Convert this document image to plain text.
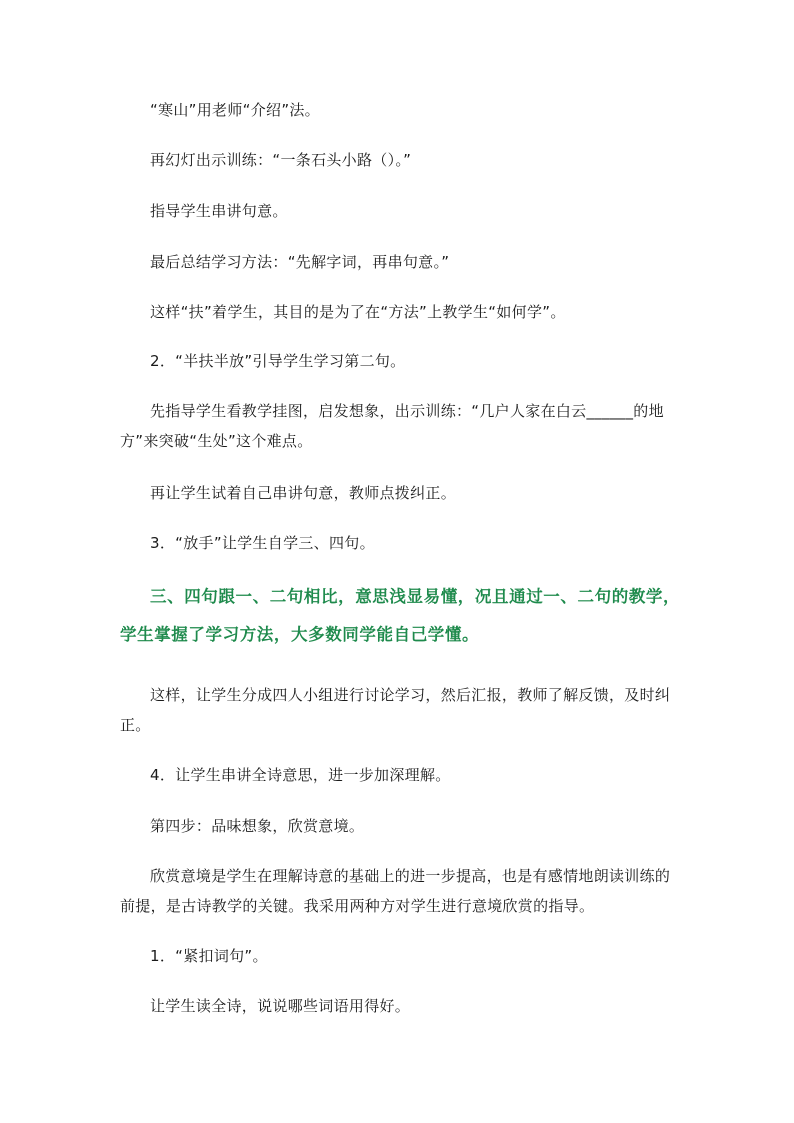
“寒山”用老师“介绍”法。

再幻灯出示训练：“一条石头小路（）。”

指导学生串讲句意。

最后总结学习方法：“先解字词，再串句意。”

这样“扶”着学生，其目的是为了在“方法”上教学生“如何学”。

2．“半扶半放”引导学生学习第二句。

先指导学生看教学挂图，启发想象，出示训练：“几户人家在白云______的地方”来突破“生处”这个难点。

再让学生试着自己串讲句意，教师点拨纠正。

3．“放手”让学生自学三、四句。

三、四句跟一、二句相比，意思浅显易懂，况且通过一、二句的教学，学生掌握了学习方法，大多数同学能自己学懂。

这样，让学生分成四人小组进行讨论学习，然后汇报，教师了解反馈，及时纠正。

4．让学生串讲全诗意思，进一步加深理解。

第四步：品味想象，欣赏意境。

欣赏意境是学生在理解诗意的基础上的进一步提高，也是有感情地朗读训练的前提，是古诗教学的关键。我采用两种方对学生进行意境欣赏的指导。

1．“紧扣词句”。

让学生读全诗，说说哪些词语用得好。
